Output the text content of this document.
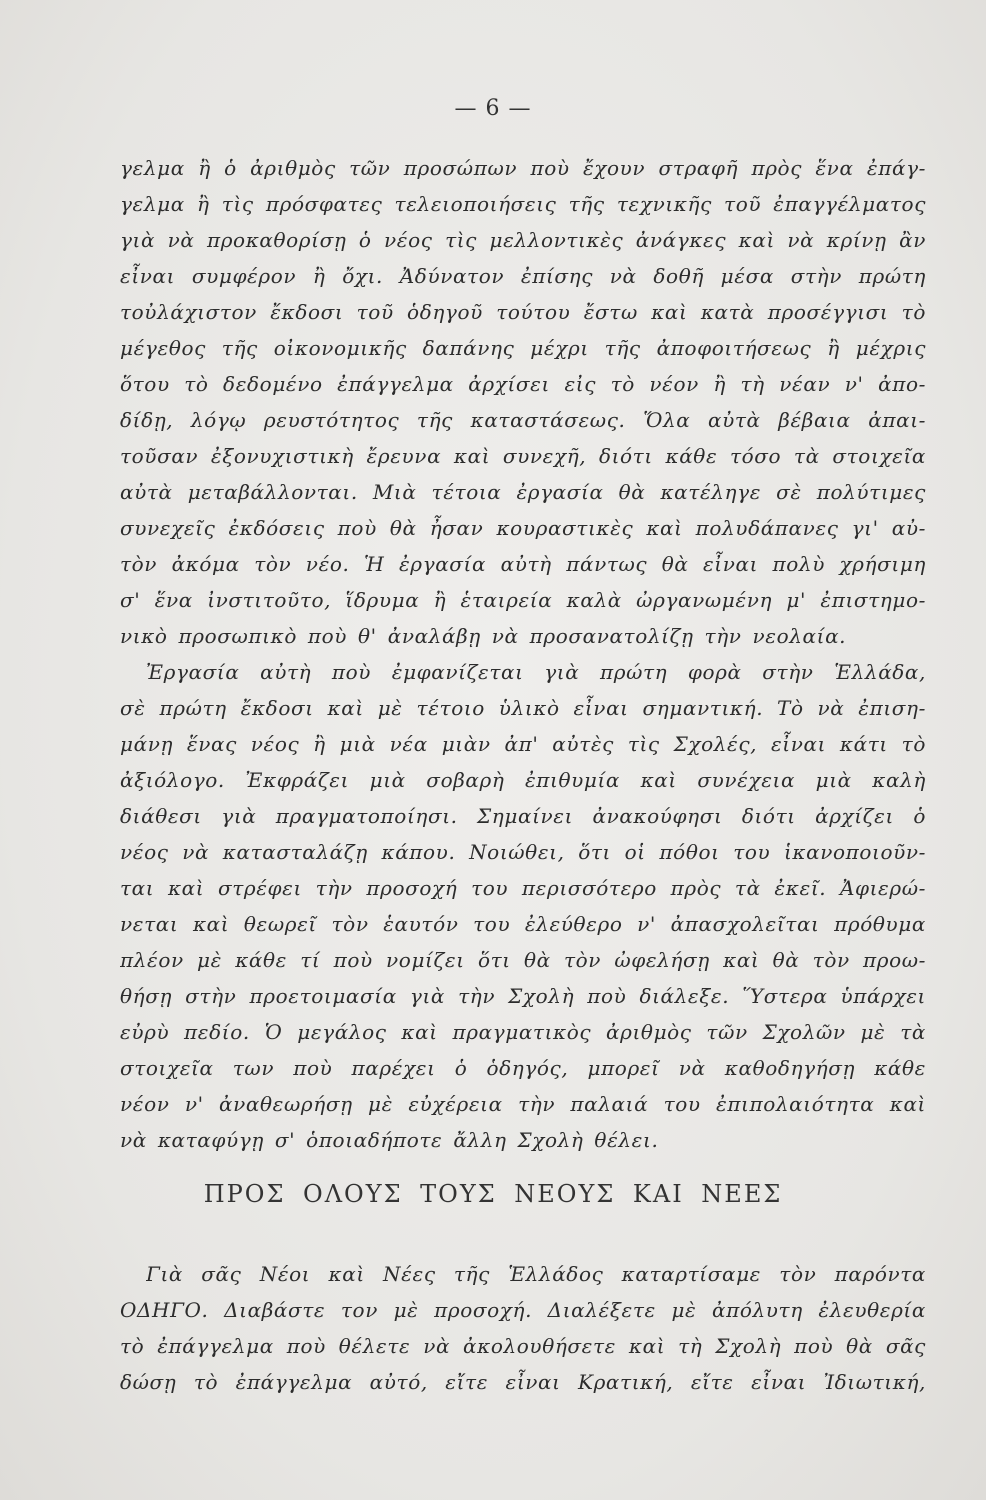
— 6 —
γελμα ἢ ὁ ἀριθμὸς τῶν προσώπων ποὺ ἔχουν στραφῆ πρὸς ἕνα ἐπάγ-
γελμα ἢ τὶς πρόσφατες τελειοποιήσεις τῆς τεχνικῆς τοῦ ἐπαγγέλματος
γιὰ νὰ προκαθορίσῃ ὁ νέος τὶς μελλοντικὲς ἀνάγκες καὶ νὰ κρίνῃ ἂν
εἶναι συμφέρον ἢ ὄχι. Ἀδύνατον ἐπίσης νὰ δοθῆ μέσα στὴν πρώτη
τοὐλάχιστον ἔκδοσι τοῦ ὁδηγοῦ τούτου ἔστω καὶ κατὰ προσέγγισι τὸ
μέγεθος τῆς οἰκονομικῆς δαπάνης μέχρι τῆς ἀποφοιτήσεως ἢ μέχρις
ὅτου τὸ δεδομένο ἐπάγγελμα ἀρχίσει εἰς τὸ νέον ἢ τὴ νέαν ν' ἀπο-
δίδῃ, λόγῳ ρευστότητος τῆς καταστάσεως. Ὅλα αὐτὰ βέβαια ἀπαι-
τοῦσαν ἐξονυχιστικὴ ἔρευνα καὶ συνεχῆ, διότι κάθε τόσο τὰ στοιχεῖα
αὐτὰ μεταβάλλονται. Μιὰ τέτοια ἐργασία θὰ κατέληγε σὲ πολύτιμες
συνεχεῖς ἐκδόσεις ποὺ θὰ ἦσαν κουραστικὲς καὶ πολυδάπανες γι' αὐ-
τὸν ἀκόμα τὸν νέο. Ἡ ἐργασία αὐτὴ πάντως θὰ εἶναι πολὺ χρήσιμη
σ' ἕνα ἰνστιτοῦτο, ἵδρυμα ἢ ἑταιρεία καλὰ ὠργανωμένη μ' ἐπιστημο-
νικὸ προσωπικὸ ποὺ θ' ἀναλάβῃ νὰ προσανατολίζῃ τὴν νεολαία.
Ἐργασία αὐτὴ ποὺ ἐμφανίζεται γιὰ πρώτη φορὰ στὴν Ἑλλάδα,
σὲ πρώτη ἔκδοσι καὶ μὲ τέτοιο ὑλικὸ εἶναι σημαντική. Τὸ νὰ ἐπιση-
μάνῃ ἕνας νέος ἢ μιὰ νέα μιὰν ἀπ' αὐτὲς τὶς Σχολές, εἶναι κάτι τὸ
ἀξιόλογο. Ἐκφράζει μιὰ σοβαρὴ ἐπιθυμία καὶ συνέχεια μιὰ καλὴ
διάθεσι γιὰ πραγματοποίησι. Σημαίνει ἀνακούφησι διότι ἀρχίζει ὁ
νέος νὰ κατασταλάζῃ κάπου. Νοιώθει, ὅτι οἱ πόθοι του ἱκανοποιοῦν-
ται καὶ στρέφει τὴν προσοχή του περισσότερο πρὸς τὰ ἐκεῖ. Ἀφιερώ-
νεται καὶ θεωρεῖ τὸν ἑαυτόν του ἐλεύθερο ν' ἀπασχολεῖται πρόθυμα
πλέον μὲ κάθε τί ποὺ νομίζει ὅτι θὰ τὸν ὠφελήσῃ καὶ θὰ τὸν προω-
θήσῃ στὴν προετοιμασία γιὰ τὴν Σχολὴ ποὺ διάλεξε. Ὕστερα ὑπάρχει
εὐρὺ πεδίο. Ὁ μεγάλος καὶ πραγματικὸς ἀριθμὸς τῶν Σχολῶν μὲ τὰ
στοιχεῖα των ποὺ παρέχει ὁ ὁδηγός, μπορεῖ νὰ καθοδηγήσῃ κάθε
νέον ν' ἀναθεωρήσῃ μὲ εὐχέρεια τὴν παλαιά του ἐπιπολαιότητα καὶ
νὰ καταφύγῃ σ' ὁποιαδήποτε ἄλλη Σχολὴ θέλει.
ΠΡΟΣ ΟΛΟΥΣ ΤΟΥΣ ΝΕΟΥΣ ΚΑΙ ΝΕΕΣ
Γιὰ σᾶς Νέοι καὶ Νέες τῆς Ἑλλάδος καταρτίσαμε τὸν παρόντα
ΟΔΗΓΟ. Διαβάστε τον μὲ προσοχή. Διαλέξετε μὲ ἀπόλυτη ἐλευθερία
τὸ ἐπάγγελμα ποὺ θέλετε νὰ ἀκολουθήσετε καὶ τὴ Σχολὴ ποὺ θὰ σᾶς
δώσῃ τὸ ἐπάγγελμα αὐτό, εἴτε εἶναι Κρατική, εἴτε εἶναι Ἰδιωτική,
